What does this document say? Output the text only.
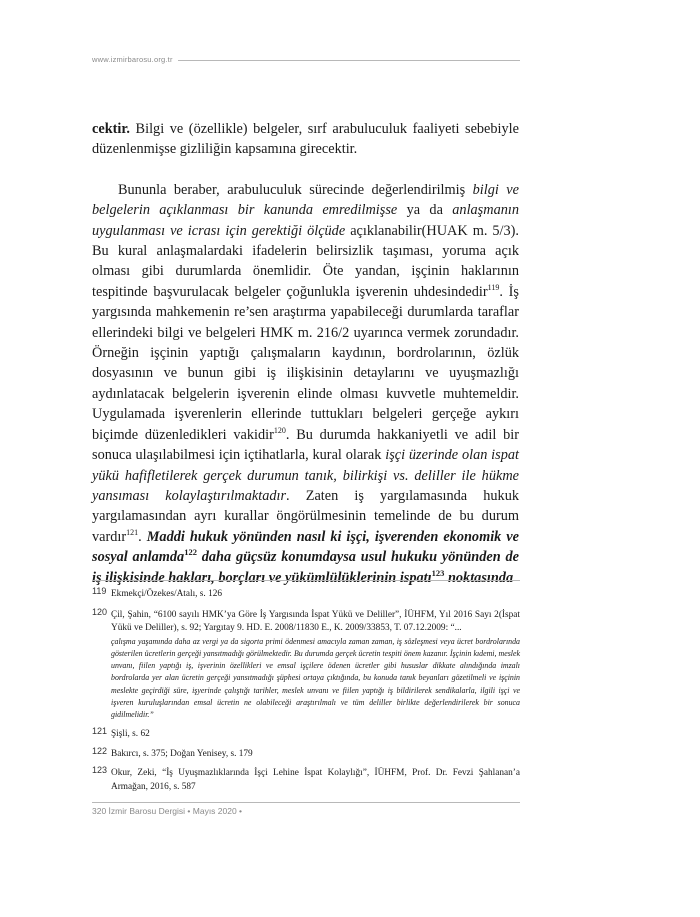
www.izmirbarosu.org.tr

cektir. Bilgi ve (özellikle) belgeler, sırf arabuluculuk faaliyeti sebebiyle düzenlenmişse gizliliğin kapsamına girecektir.

Bununla beraber, arabuluculuk sürecinde değerlendirilmiş bilgi ve belgelerin açıklanması bir kanunda emredilmişse ya da anlaşmanın uygulanması ve icrası için gerektiği ölçüde açıklanabilir(HUAK m. 5/3). Bu kural anlaşmalardaki ifadelerin belirsizlik taşıması, yoruma açık olması gibi durumlarda önemlidir. Öte yandan, işçinin haklarının tespitinde başvurulacak belgeler çoğunlukla işverenin uhdesindedir$^{119}$. İş yargısında mahkemenin re’sen araştırma yapabileceği durumlarda taraflar ellerindeki bilgi ve belgeleri HMK m. 216/2 uyarınca vermek zorundadır. Örneğin işçinin yaptığı çalışmaların kaydının, bordrolarının, özlük dosyasının ve bunun gibi iş ilişkisinin detaylarını ve uyuşmazlığı aydınlatacak belgelerin işverenin elinde olması kuvvetle muhtemeldir. Uygulamada işverenlerin ellerinde tuttukları belgeleri gerçeğe aykırı biçimde düzenledikleri vakidir$^{120}$. Bu durumda hakkaniyetli ve adil bir sonuca ulaşılabilmesi için içtihatlarla, kural olarak işçi üzerinde olan ispat yükü hafifletilerek gerçek durumun tanık, bilirkişi vs. deliller ile hükme yansıması kolaylaştırılmaktadır. Zaten iş yargılamasında hukuk yargılamasından ayrı kurallar öngörülmesinin temelinde de bu durum vardır$^{121}$. Maddi hukuk yönünden nasıl ki işçi, işverenden ekonomik ve sosyal anlamda$^{122}$ daha güçsüz konumdaysa usul hukuku yönünden de iş ilişkisinde hakları, borçları ve yükümlülüklerinin ispatı$^{123}$ noktasında

119 Ekmekçi/Özekes/Atalı, s. 126
120 Çil, Şahin, “6100 sayılı HMK’ya Göre İş Yargısında İspat Yükü ve Deliller”, İÜHFM, Yıl 2016 Sayı 2(İspat Yükü ve Deliller), s. 92; Yargıtay 9. HD. E. 2008/11830 E., K. 2009/33853, T. 07.12.2009: “...
çalışma yaşamında daha az vergi ya da sigorta primi ödenmesi amacıyla zaman zaman, iş sözleşmesi veya ücret bordrolarında gösterilen ücretlerin gerçeği yansıtmadığı görülmektedir. Bu durumda gerçek ücretin tespiti önem kazanır. İşçinin kıdemi, meslek unvanı, fiilen yaptığı iş, işverinin özellikleri ve emsal işçilere ödenen ücretler gibi hususlar dikkate alındığında imzalı bordrolarda yer alan ücretin gerçeği yansıtmadığı şüphesi ortaya çıktığında, bu konuda tanık beyanları gözetilmeli ve işçinin meslekte geçirdiği süre, işyerinde çalıştığı tarihler, meslek unvanı ve fiilen yaptığı iş bildirilerek sendikalarla, ilgili işçi ve işveren kuruluşlarından emsal ücretin ne olabileceği araştırılmalı ve tüm deliller birlikte değerlendirilerek bir sonuca gidilmelidir.”
121 Şişli, s. 62
122 Bakırcı, s. 375; Doğan Yenisey, s. 179
123 Okur, Zeki, “İş Uyuşmazlıklarında İşçi Lehine İspat Kolaylığı”, İÜHFM, Prof. Dr. Fevzi Şahlanan’a Armağan, 2016, s. 587
320 İzmir Barosu Dergisi • Mayıs 2020 •
